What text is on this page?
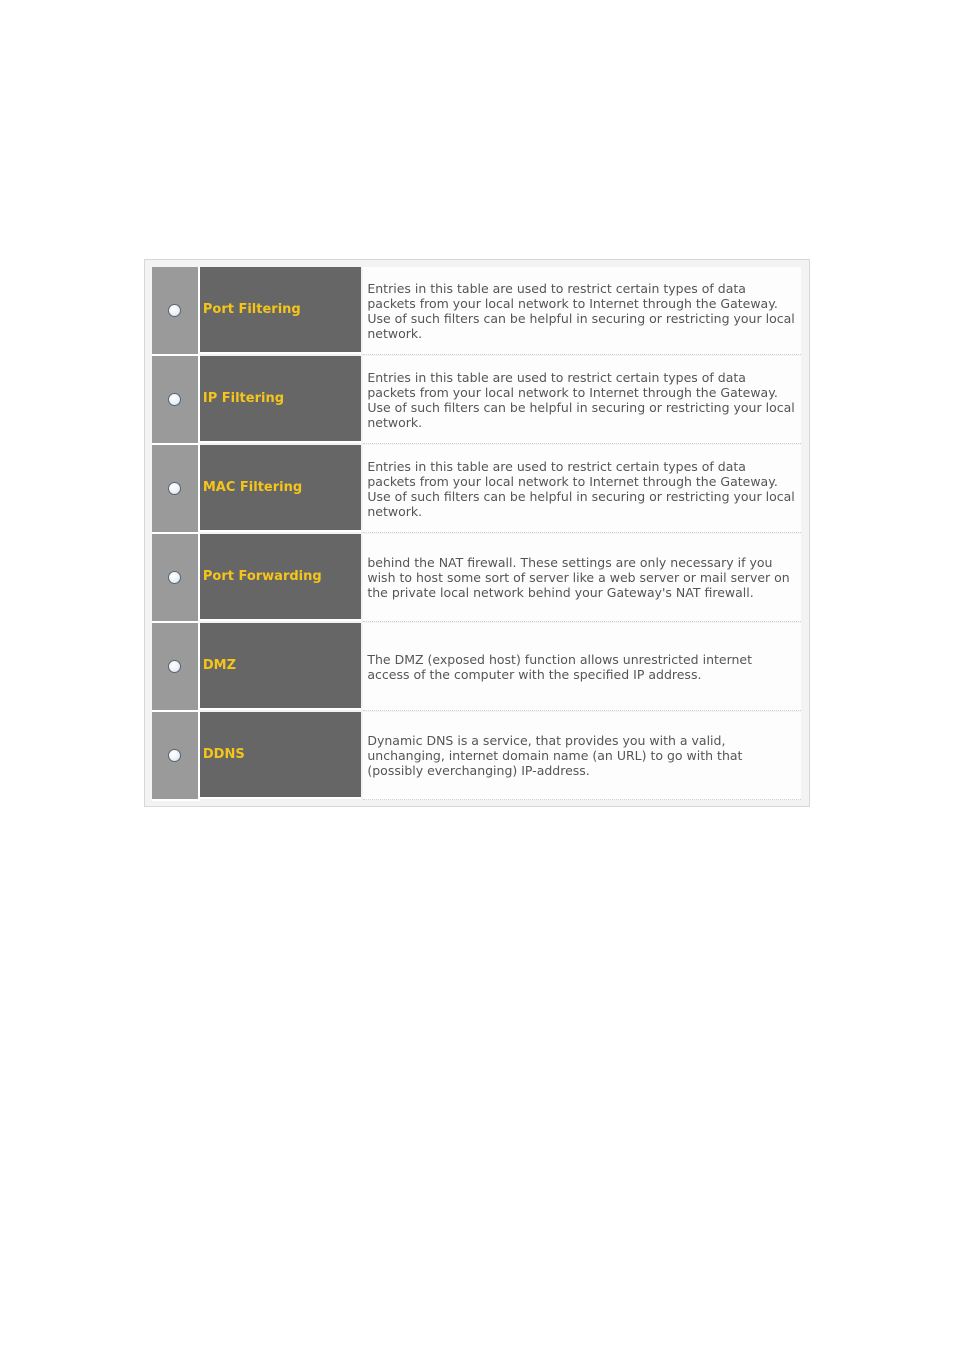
Port Filtering
Entries in this table are used to restrict certain types of data packets from your local network to Internet through the Gateway. Use of such filters can be helpful in securing or restricting your local network.
IP Filtering
Entries in this table are used to restrict certain types of data packets from your local network to Internet through the Gateway. Use of such filters can be helpful in securing or restricting your local network.
MAC Filtering
Entries in this table are used to restrict certain types of data packets from your local network to Internet through the Gateway. Use of such filters can be helpful in securing or restricting your local network.
Port Forwarding
behind the NAT firewall. These settings are only necessary if you wish to host some sort of server like a web server or mail server on the private local network behind your Gateway's NAT firewall.
DMZ	The DMZ (exposed host) function allows unrestricted internet access of the computer with the specified IP address.
DDNS
Dynamic DNS is a service, that provides you with a valid, unchanging, internet domain name (an URL) to go with that (possibly everchanging) IP-address.
